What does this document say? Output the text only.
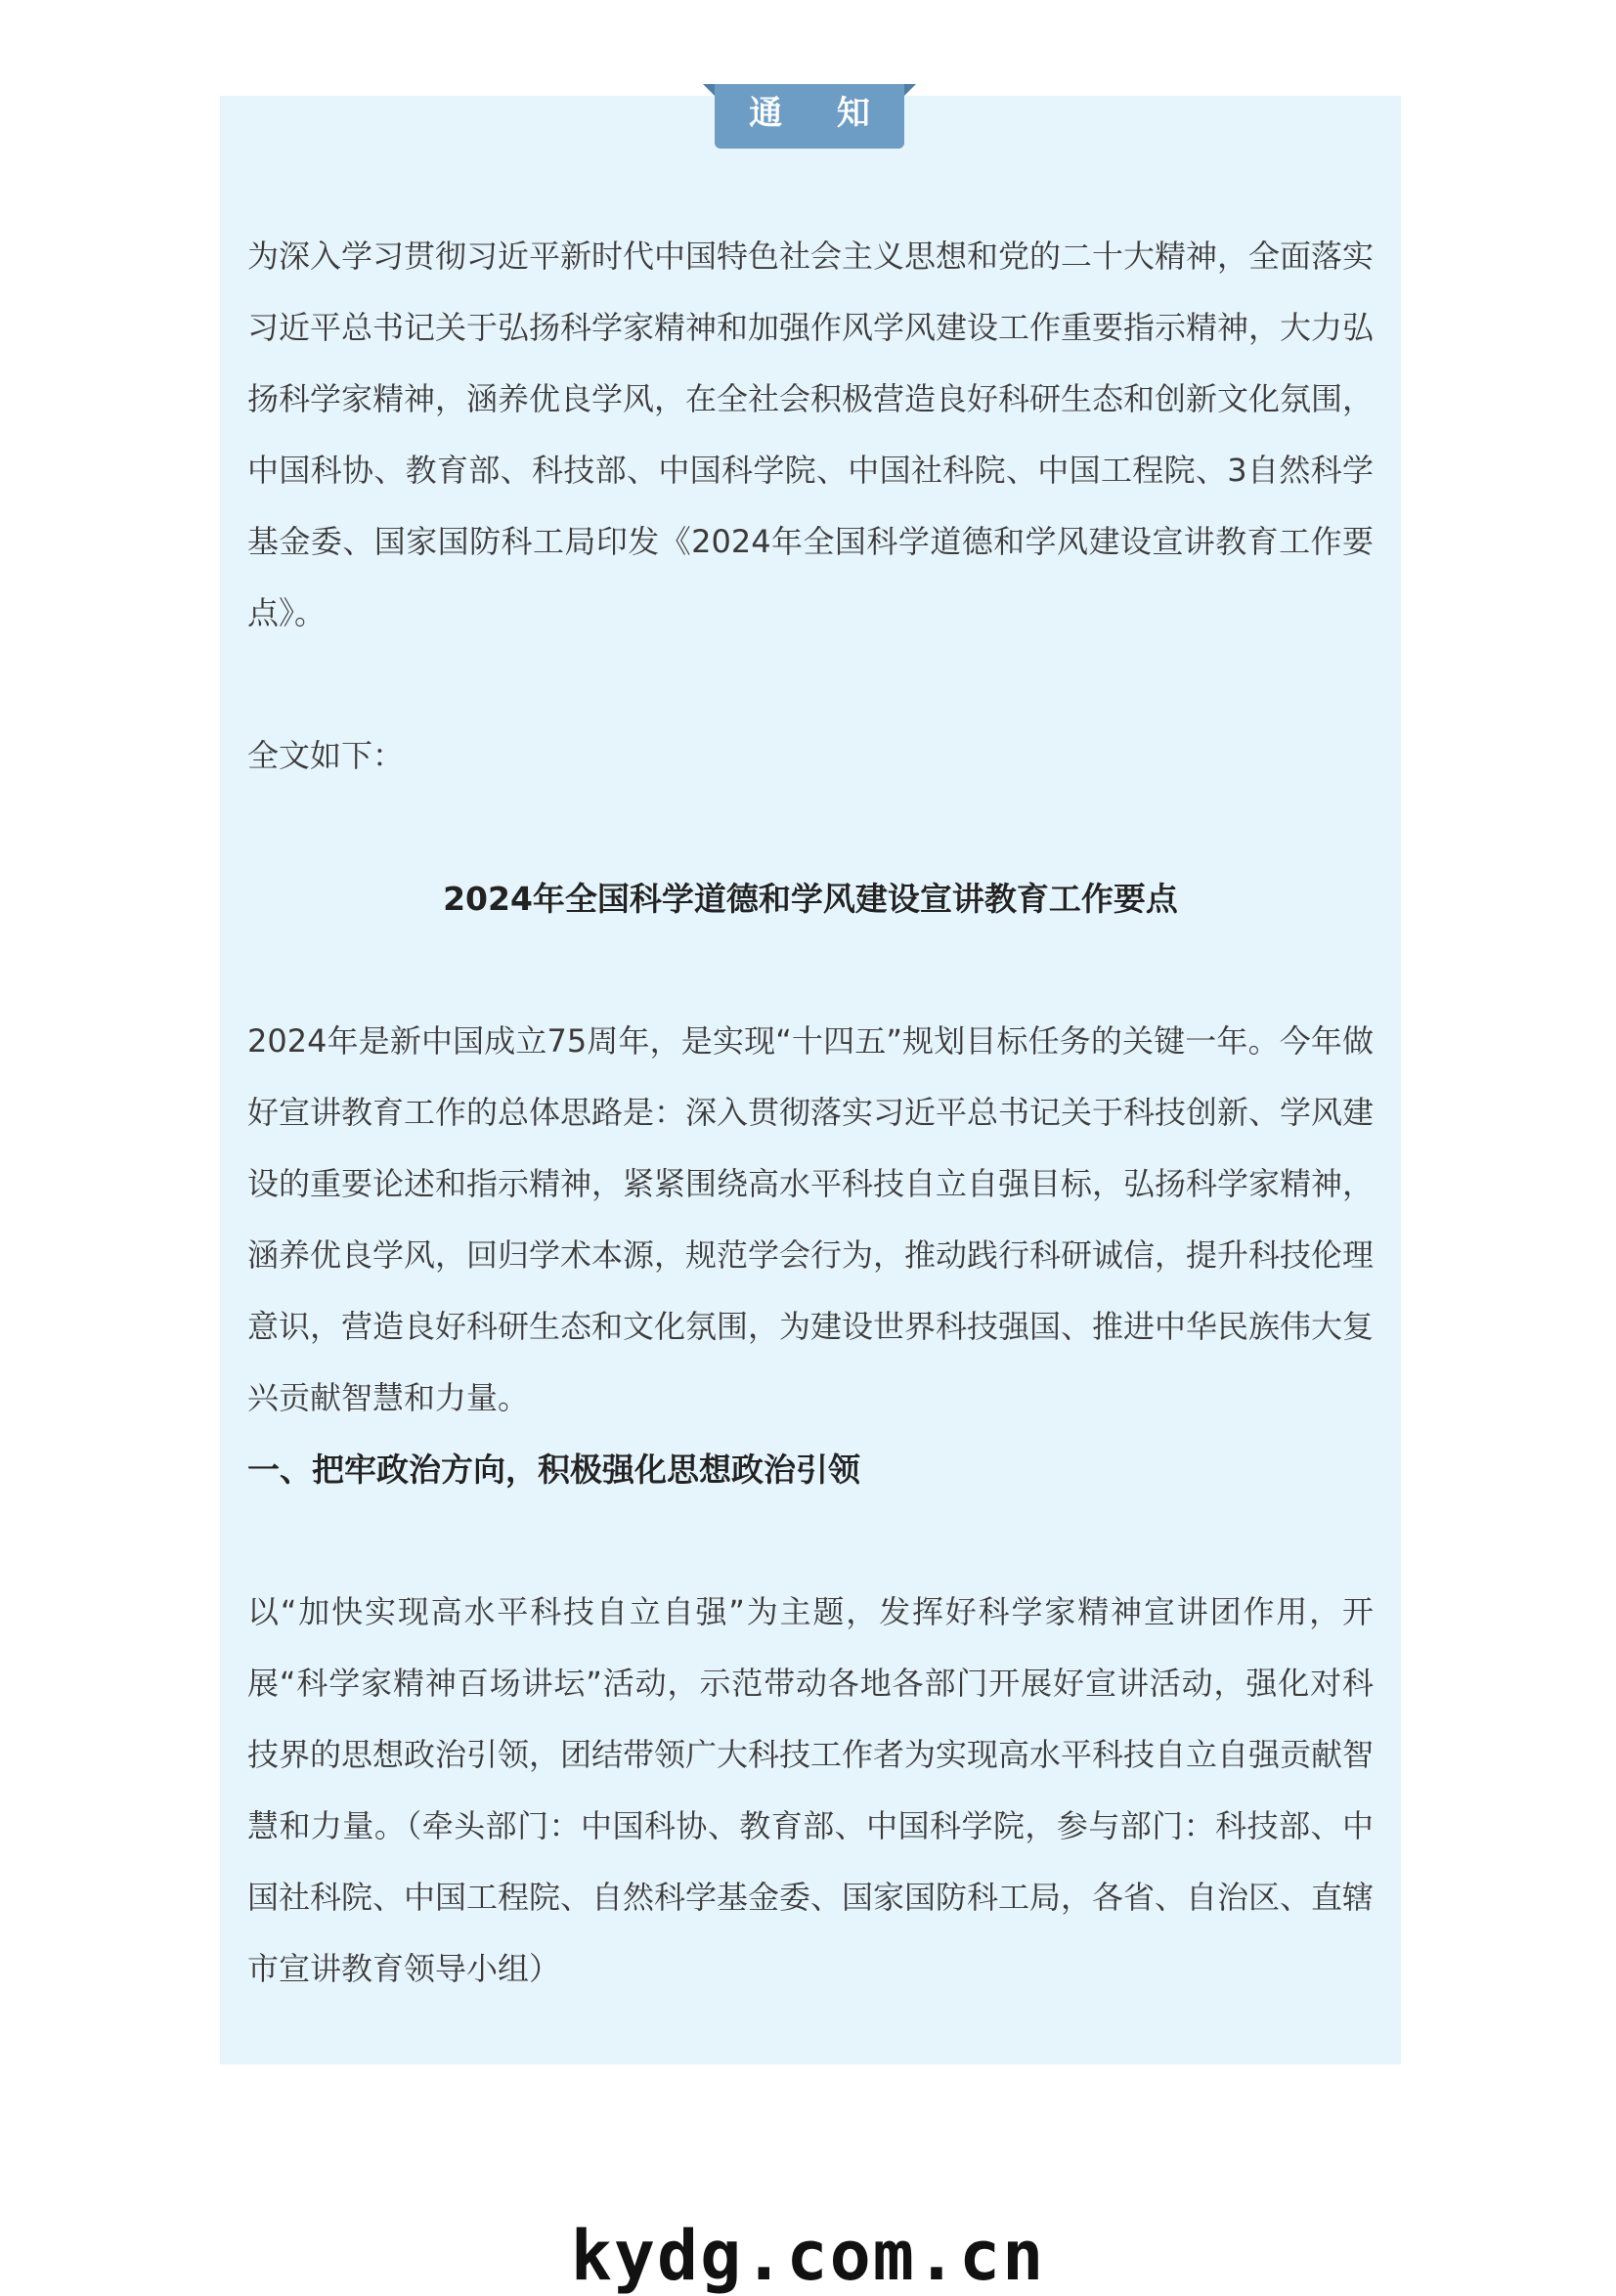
通 知

为深入学习贯彻习近平新时代中国特色社会主义思想和党的二十大精神，全面落实习近平总书记关于弘扬科学家精神和加强作风学风建设工作重要指示精神，大力弘扬科学家精神，涵养优良学风，在全社会积极营造良好科研生态和创新文化氛围，中国科协、教育部、科技部、中国科学院、中国社科院、中国工程院、3自然科学基金委、国家国防科工局印发《2024年全国科学道德和学风建设宣讲教育工作要点》。

全文如下：

2024年全国科学道德和学风建设宣讲教育工作要点

2024年是新中国成立75周年，是实现“十四五”规划目标任务的关键一年。今年做好宣讲教育工作的总体思路是：深入贯彻落实习近平总书记关于科技创新、学风建设的重要论述和指示精神，紧紧围绕高水平科技自立自强目标，弘扬科学家精神，涵养优良学风，回归学术本源，规范学会行为，推动践行科研诚信，提升科技伦理意识，营造良好科研生态和文化氛围，为建设世界科技强国、推进中华民族伟大复兴贡献智慧和力量。

一、把牢政治方向，积极强化思想政治引领

以“加快实现高水平科技自立自强”为主题，发挥好科学家精神宣讲团作用，开展“科学家精神百场讲坛”活动，示范带动各地各部门开展好宣讲活动，强化对科技界的思想政治引领，团结带领广大科技工作者为实现高水平科技自立自强贡献智慧和力量。（牵头部门：中国科协、教育部、中国科学院，参与部门：科技部、中国社科院、中国工程院、自然科学基金委、国家国防科工局，各省、自治区、直辖市宣讲教育领导小组）

kydg.com.cn
